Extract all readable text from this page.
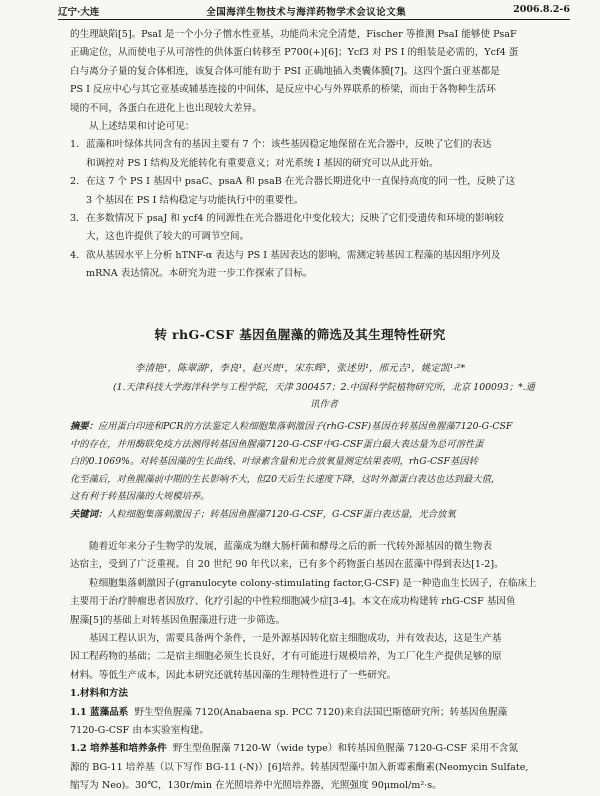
辽宁·大连	全国海洋生物技术与海洋药物学术会议论文集	2006.8.2-6

的生理缺陷[5]。PsaI 是一个小分子憎水性亚基，功能尚未完全清楚，Fischer 等推测 PsaI 能够使 PsaF

正确定位，从而使电子从可溶性的供体蛋白转移至 P700(+)[6]；Ycf3 对 PS I 的组装是必需的，Ycf4 蛋

白与离分子量的复合体相连，该复合体可能有助于 PSI 正确地插入类囊体膜[7]。这四个蛋白亚基都是

PS I 反应中心与其它亚基或辅基连接的中间体，是反应中心与外界联系的桥梁，而由于各物种生活环

境的不同，各蛋白在进化上也出现较大差异。

从上述结果和讨论可见：

1. 蓝藻和叶绿体共同含有的基因主要有 7 个：该些基因稳定地保留在光合器中，反映了它们的表达
和调控对 PS I 结构及光能转化有重要意义；对光系统 I 基因的研究可以从此开始。
2. 在这 7 个 PS I 基因中 psaC、psaA 和 psaB 在光合器长期进化中一直保持高度的同一性，反映了这
3 个基因在 PS I 结构稳定与功能执行中的重要性。
3. 在多数情况下 psaJ 和 ycf4 的同源性在光合器进化中变化较大；反映了它们受遗传和环境的影响较
大，这也许提供了较大的可调节空间。
4. 欲从基因水平上分析 hTNF-α 表达与 PS I 基因表达的影响，需测定转基因工程藻的基因组序列及
mRNA 表达情况。本研究为进一步工作探索了目标。
转 rhG-CSF 基因鱼腥藻的筛选及其生理特性研究
李清艳¹，陈翠湖²，李良¹，赵兴贵¹，宋东辉¹，张述男¹，邢元吉¹，姚定凯¹·²*
(1.天津科技大学海洋科学与工程学院，天津 300457；2.中国科学院植物研究所，北京 100093；*.通
讯作者
摘要：应用蛋白印迹和PCR的方法鉴定人粒细胞集落刺激因子(rhG-CSF)基因在转基因鱼腥藻7120-G-CSF
中的存在，并用酶联免疫方法测得转基因鱼腥藻7120-G-CSF中G-CSF蛋白最大表达量为总可溶性蛋
白的0.1069%。对转基因藻的生长曲线、叶绿素含量和光合放氧量测定结果表明，rhG-CSF基因转
化至藻后，对鱼腥藻前中期的生长影响不大，但20天后生长速度下降，这时外源蛋白表达也达到最大值，
这有利于转基因藻的大规模培养。
关键词：人粒细胞集落刺激因子；转基因鱼腥藻7120-G-CSF，G-CSF蛋白表达量，光合放氧
随着近年来分子生物学的发展，蓝藻成为继大肠杆菌和酵母之后的新一代转外源基因的微生物表
达宿主，受到了广泛重视。自 20 世纪 90 年代以来，已有多个药物蛋白基因在蓝藻中得到表达[1-2]。
粒细胞集落刺激因子(granulocyte colony-stimulating factor,G-CSF) 是一种造血生长因子，在临床上
主要用于治疗肿瘤患者因放疗、化疗引起的中性粒细胞减少症[3-4]。本文在成功构建转 rhG-CSF 基因鱼
腥藻[5]的基础上对转基因鱼腥藻进行进一步筛选。
基因工程认识为，需要具备两个条件，一是外源基因转化宿主细胞成功，并有效表达，这是生产基
因工程药物的基础；二是宿主细胞必须生长良好，才有可能进行规模培养，为工厂化生产提供足够的原
材料。等低生产成本，因此本研究还就转基因藻的生理特性进行了一些研究。
1.材料和方法
1.1 蓝藻品系 野生型鱼腥藻 7120(Anabaena sp. PCC 7120)来自法国巴斯德研究所；转基因鱼腥藻
7120-G-CSF 由本实验室构建。
1.2 培养基和培养条件 野生型鱼腥藻 7120-W（wide type）和转基因鱼腥藻 7120-G-CSF 采用不含氮
源的 BG-11 培养基（以下写作 BG-11 (-N)）[6]培养。转基因型藻中加入新霉素酶素(Neomycin Sulfate,
缩写为 Neo)。30℃，130r/min 在光照培养中光照培养器，光照强度 90μmol/m²·s。
